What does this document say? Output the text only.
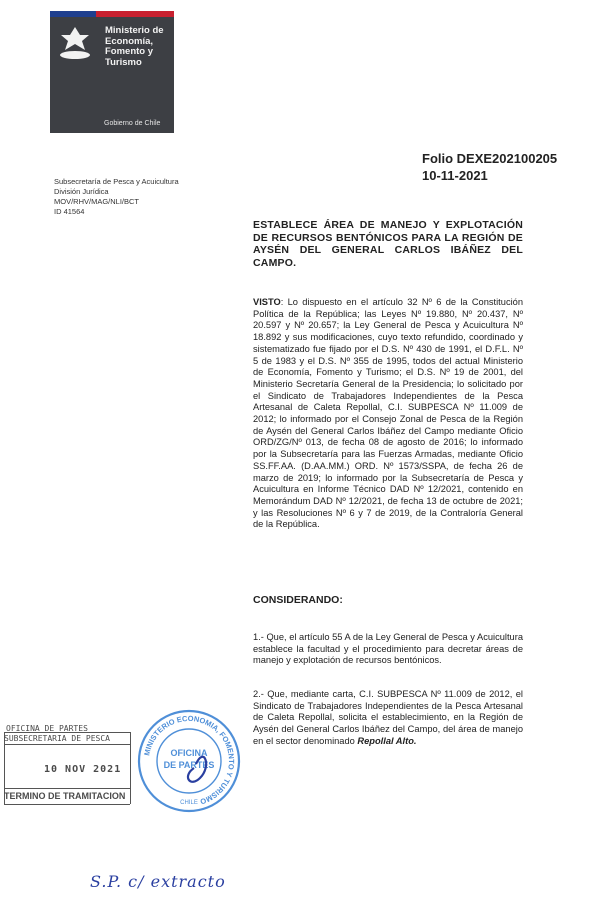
Ministerio de
Economía,
Fomento y
Turismo
Gobierno de Chile
Folio DEXE202100205
10-11-2021
Subsecretaría de Pesca y Acuicultura
División Jurídica
MOV/RHV/MAG/NLI/BCT
ID 41564
ESTABLECE ÁREA DE MANEJO Y EXPLOTACIÓN DE RECURSOS BENTÓNICOS PARA LA REGIÓN DE AYSÉN DEL GENERAL CARLOS IBÁÑEZ DEL CAMPO.
VISTO: Lo dispuesto en el artículo 32 Nº 6 de la Constitución Política de la República; las Leyes Nº 19.880, Nº 20.437, Nº 20.597 y Nº 20.657; la Ley General de Pesca y Acuicultura Nº 18.892 y sus modificaciones, cuyo texto refundido, coordinado y sistematizado fue fijado por el D.S. Nº 430 de 1991, el D.F.L. Nº 5 de 1983 y el D.S. Nº 355 de 1995, todos del actual Ministerio de Economía, Fomento y Turismo; el D.S. Nº 19 de 2001, del Ministerio Secretaría General de la Presidencia; lo solicitado por el Sindicato de Trabajadores Independientes de la Pesca Artesanal de Caleta Repollal, C.I. SUBPESCA Nº 11.009 de 2012; lo informado por el Consejo Zonal de Pesca de la Región de Aysén del General Carlos Ibáñez del Campo mediante Oficio ORD/ZG/Nº 013, de fecha 08 de agosto de 2016; lo informado por la Subsecretaría para las Fuerzas Armadas, mediante Oficio SS.FF.AA. (D.AA.MM.) ORD. Nº 1573/SSPA, de fecha 26 de marzo de 2019; lo informado por la Subsecretaría de Pesca y Acuicultura en Informe Técnico DAD Nº 12/2021, contenido en Memorándum DAD Nº 12/2021, de fecha 13 de octubre de 2021; y las Resoluciones Nº 6 y 7 de 2019, de la Contraloría General de la República.
CONSIDERANDO:
1.- Que, el artículo 55 A de la Ley General de Pesca y Acuicultura establece la facultad y el procedimiento para decretar áreas de manejo y explotación de recursos bentónicos.
2.- Que, mediante carta, C.I. SUBPESCA Nº 11.009 de 2012, el Sindicato de Trabajadores Independientes de la Pesca Artesanal de Caleta Repollal, solicita el establecimiento, en la Región de Aysén del General Carlos Ibáñez del Campo, del área de manejo en el sector denominado Repollal Alto.
OFICINA DE PARTES
SUBSECRETARIA DE PESCA
10 NOV 2021
TERMINO DE TRAMITACION
MINISTERIO ECONOMIA, FOMENTO Y TURISMO
OFICINA
DE PARTES
CHILE
S.P. c/ extracto
